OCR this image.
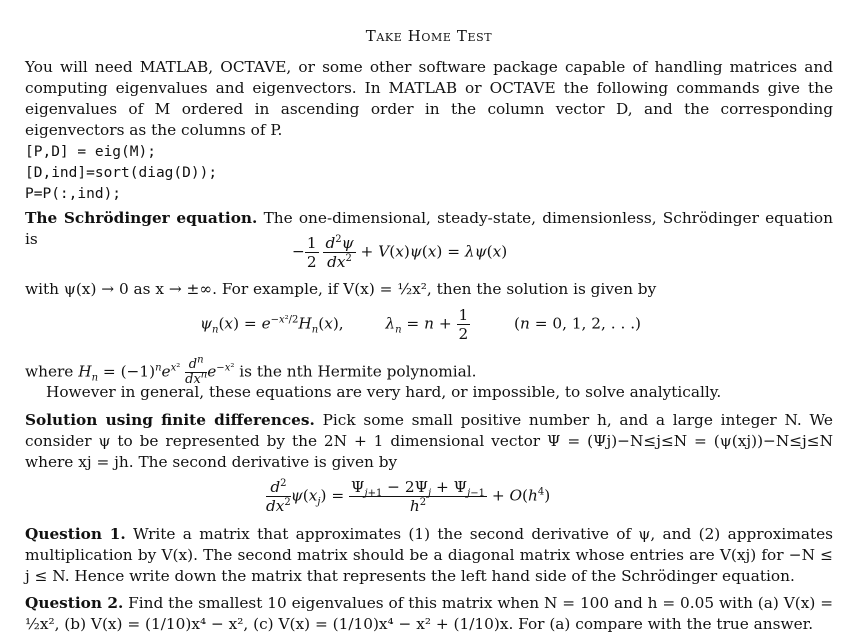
Take Home Test

You will need MATLAB, OCTAVE, or some other software package capable of handling matrices and computing eigenvalues and eigenvectors. In MATLAB or OCTAVE the following commands give the eigenvalues of M ordered in ascending order in the column vector D, and the corresponding eigenvectors as the columns of P.

[P,D] = eig(M);
[D,ind]=sort(diag(D));
P=P(:,ind);

The Schrödinger equation. The one-dimensional, steady-state, dimensionless, Schrödinger equation is

− $\frac{1}{2}$
$\frac{d^2\psi}{dx^2} + V(x)\psi(x) = \lambda\psi(x)$

with ψ(x) → 0 as x → ±∞. For example, if V(x) = ½x², then the solution is given by

$\psi_n(x) = e^{-x^2/2}H_n(x)$,  $\lambda_n = n + \frac{1}{2}$	(n = 0, 1, 2, . . .)

where $H_n = (-1)^ne^{x^2} \frac{d^n}{dx^n} e^{-x^2}$ is the nth Hermite polynomial.

However in general, these equations are very hard, or impossible, to solve analytically.

Solution using finite differences. Pick some small positive number h, and a large integer N. We consider ψ to be represented by the 2N + 1 dimensional vector Ψ = (Ψj)−N≤j≤N = (ψ(xj))−N≤j≤N where xj = jh. The second derivative is given by

$\frac{d^2}{dx^2} \psi(x_j) = \frac{\Psi_{j+1} - 2\Psi_j + \Psi_{j-1}}{h^2} + O(h^4)$

Question 1. Write a matrix that approximates (1) the second derivative of ψ, and (2) approximates multiplication by V(x). The second matrix should be a diagonal matrix whose entries are V(xj) for −N ≤ j ≤ N. Hence write down the matrix that represents the left hand side of the Schrödinger equation.

Question 2. Find the smallest 10 eigenvalues of this matrix when N = 100 and h = 0.05 with (a) V(x) = ½x², (b) V(x) = (1/10)x⁴ − x², (c) V(x) = (1/10)x⁴ − x² + (1/10)x. For (a) compare with the true answer.
